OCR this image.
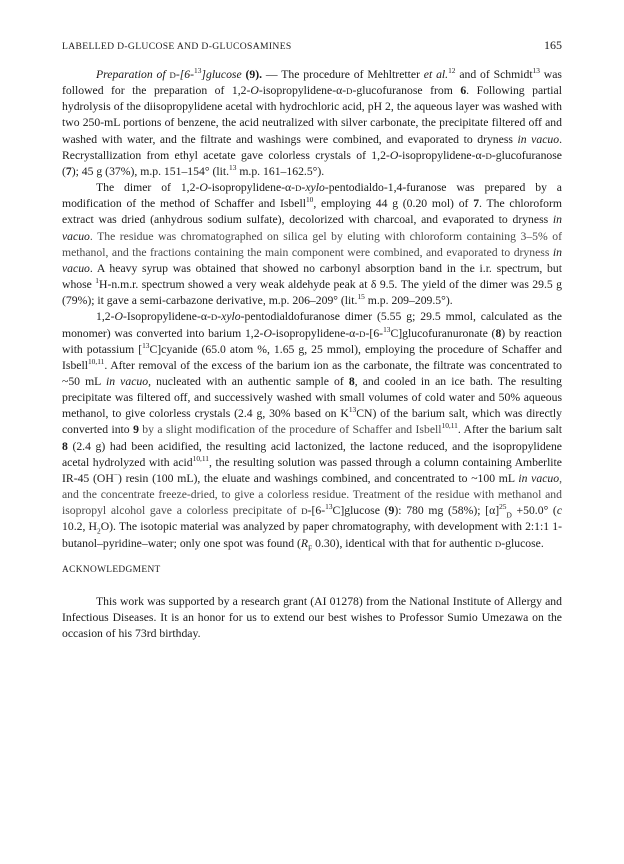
LABELLED D-GLUCOSE AND D-GLUCOSAMINES	165

Preparation of D-[6-$^{13}$]glucose (9). — The procedure of Mehltretter et al.$^{12}$ and of Schmidt$^{13}$ was followed for the preparation of 1,2-O-isopropylidene-α-D-glucofuranose from 6. Following partial hydrolysis of the diisopropylidene acetal with hydrochloric acid, pH 2, the aqueous layer was washed with two 250-mL portions of benzene, the acid neutralized with silver carbonate, the precipitate filtered off and washed with water, and the filtrate and washings were combined, and evaporated to dryness in vacuo. Recrystallization from ethyl acetate gave colorless crystals of 1,2-O-isopropylidene-α-D-glucofuranose (7); 45 g (37%), m.p. 151–154° (lit.$^{13}$ m.p. 161–162.5°).

The dimer of 1,2-O-isopropylidene-α-D-xylo-pentodialdo-1,4-furanose was prepared by a modification of the method of Schaffer and Isbell$^{10}$, employing 44 g (0.20 mol) of 7. The chloroform extract was dried (anhydrous sodium sulfate), decolorized with charcoal, and evaporated to dryness in vacuo. The residue was chromatographed on silica gel by eluting with chloroform containing 3–5% of methanol, and the fractions containing the main component were combined, and evaporated to dryness in vacuo. A heavy syrup was obtained that showed no carbonyl absorption band in the i.r. spectrum, but whose $^1$H-n.m.r. spectrum showed a very weak aldehyde peak at δ 9.5. The yield of the dimer was 29.5 g (79%); it gave a semi-carbazone derivative, m.p. 206–209° (lit.$^{15}$ m.p. 209–209.5°).

1,2-O-Isopropylidene-α-D-xylo-pentodialdofuranose dimer (5.55 g; 29.5 mmol, calculated as the monomer) was converted into barium 1,2-O-isopropylidene-α-D-[6-$^{13}$C]glucofuranuronate (8) by reaction with potassium [$^{13}$C]cyanide (65.0 atom %, 1.65 g, 25 mmol), employing the procedure of Schaffer and Isbell$^{10,11}$. After removal of the excess of the barium ion as the carbonate, the filtrate was concentrated to ~50 mL in vacuo, nucleated with an authentic sample of 8, and cooled in an ice bath. The resulting precipitate was filtered off, and successively washed with small volumes of cold water and 50% aqueous methanol, to give colorless crystals (2.4 g, 30% based on $K^{13}CN$) of the barium salt, which was directly converted into 9 by a slight modification of the procedure of Schaffer and Isbell$^{10,11}$. After the barium salt 8 (2.4 g) had been acidified, the resulting acid lactonized, the lactone reduced, and the isopropylidene acetal hydrolyzed with acid$^{10,11}$, the resulting solution was passed through a column containing Amberlite IR-45 (OH−) resin (100 mL), the eluate and washings combined, and concentrated to ~100 mL in vacuo, and the concentrate freeze-dried, to give a colorless residue. Treatment of the residue with methanol and isopropyl alcohol gave a colorless precipitate of D-[6-$^{13}$C]glucose (9): 780 mg (58%); $[\alpha]^{25}_D +50.0^\circ$ (c 10.2, $H_2O$). The isotopic material was analyzed by paper chromatography, with development with 2:1:1 1-butanol–pyridine–water; only one spot was found ($R_F$ 0.30), identical with that for authentic D-glucose.

ACKNOWLEDGMENT

This work was supported by a research grant (AI 01278) from the National Institute of Allergy and Infectious Diseases. It is an honor for us to extend our best wishes to Professor Sumio Umezawa on the occasion of his 73rd birthday.
